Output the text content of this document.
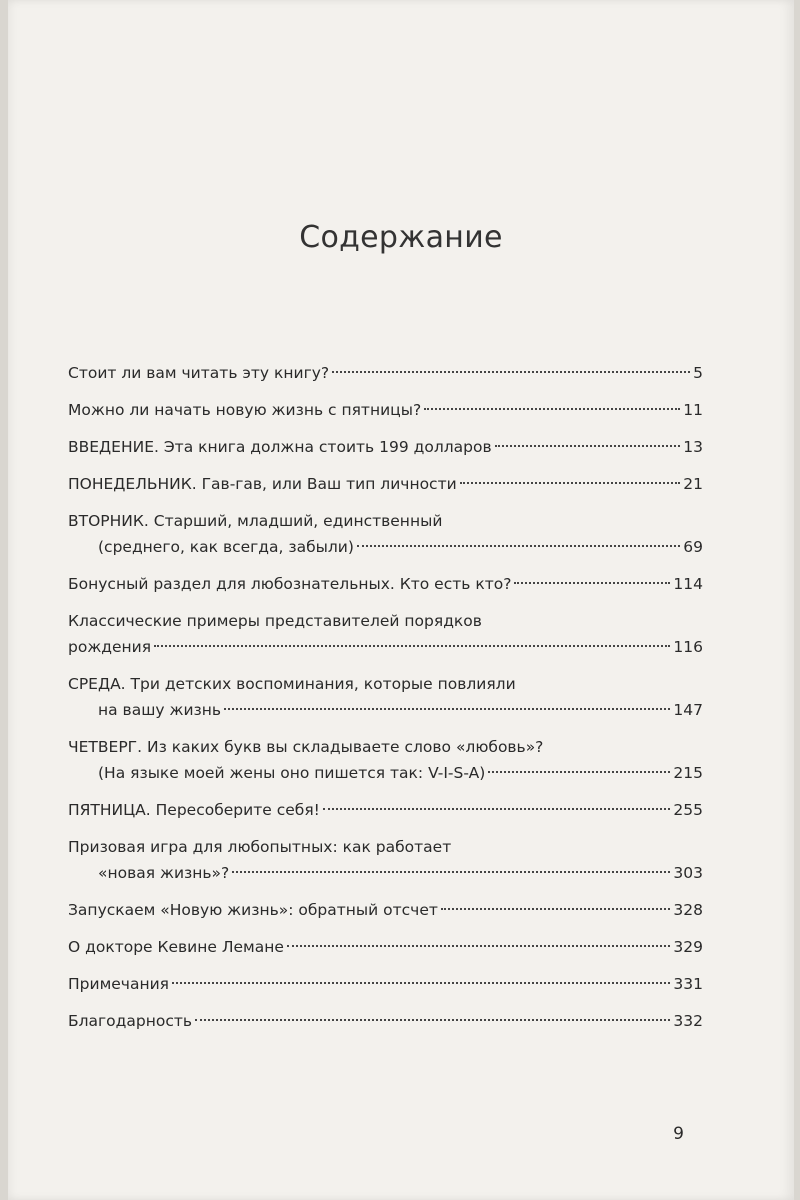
Содержание
Стоит ли вам читать эту книгу?	5
Можно ли начать новую жизнь с пятницы?	11
ВВЕДЕНИЕ. Эта книга должна стоить 199 долларов	13
ПОНЕДЕЛЬНИК. Гав-гав, или Ваш тип личности	21
ВТОРНИК. Старший, младший, единственный
(среднего, как всегда, забыли)	69
Бонусный раздел для любознательных. Кто есть кто?	114
Классические примеры представителей порядков
рождения	116
СРЕДА. Три детских воспоминания, которые повлияли
на вашу жизнь	147
ЧЕТВЕРГ. Из каких букв вы складываете слово «любовь»?
(На языке моей жены оно пишется так: V-I-S-A)	215
ПЯТНИЦА. Пересоберите себя!	255
Призовая игра для любопытных: как работает
«новая жизнь»?	303
Запускаем «Новую жизнь»: обратный отсчет	328
О докторе Кевине Лемане	329
Примечания	331
Благодарность	332
9
